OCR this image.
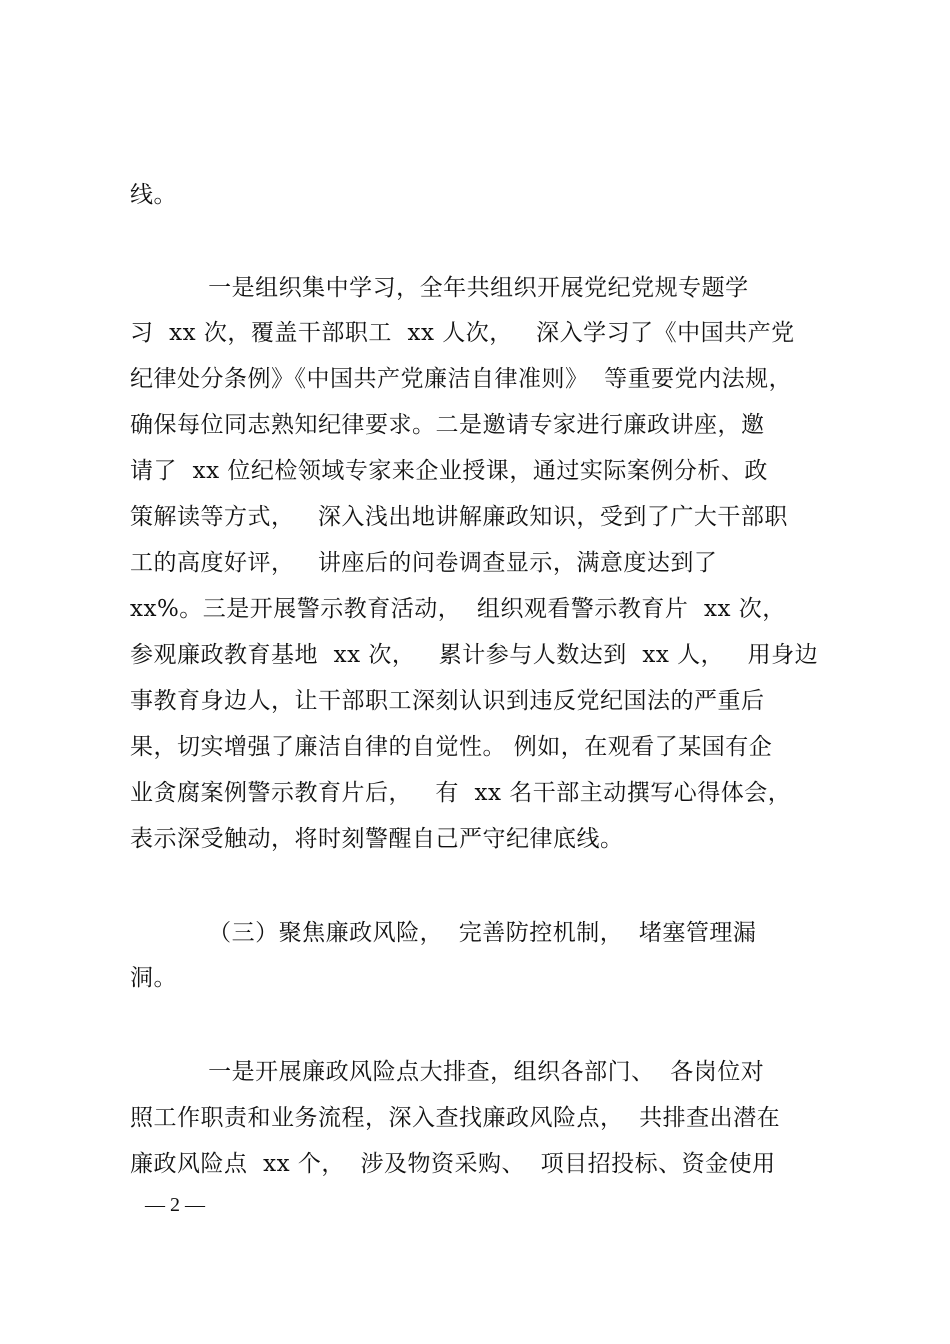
线。
一是组织集中学习，全年共组织开展党纪党规专题学
习  xx 次，覆盖干部职工  xx 人次，   深入学习了《中国共产党
纪律处分条例》《中国共产党廉洁自律准则》  等重要党内法规，
确保每位同志熟知纪律要求。二是邀请专家进行廉政讲座，邀
请了  xx 位纪检领域专家来企业授课，通过实际案例分析、政
策解读等方式，   深入浅出地讲解廉政知识，受到了广大干部职
工的高度好评，   讲座后的问卷调查显示，满意度达到了
xx%。三是开展警示教育活动，  组织观看警示教育片  xx 次，
参观廉政教育基地  xx 次，   累计参与人数达到  xx 人，   用身边
事教育身边人，让干部职工深刻认识到违反党纪国法的严重后
果，切实增强了廉洁自律的自觉性。 例如，在观看了某国有企
业贪腐案例警示教育片后，   有  xx 名干部主动撰写心得体会，
表示深受触动，将时刻警醒自己严守纪律底线。
（三）聚焦廉政风险，  完善防控机制，  堵塞管理漏
洞。
一是开展廉政风险点大排查，组织各部门、  各岗位对
照工作职责和业务流程，深入查找廉政风险点，  共排查出潜在
廉政风险点  xx 个，  涉及物资采购、  项目招投标、资金使用
— 2 —
